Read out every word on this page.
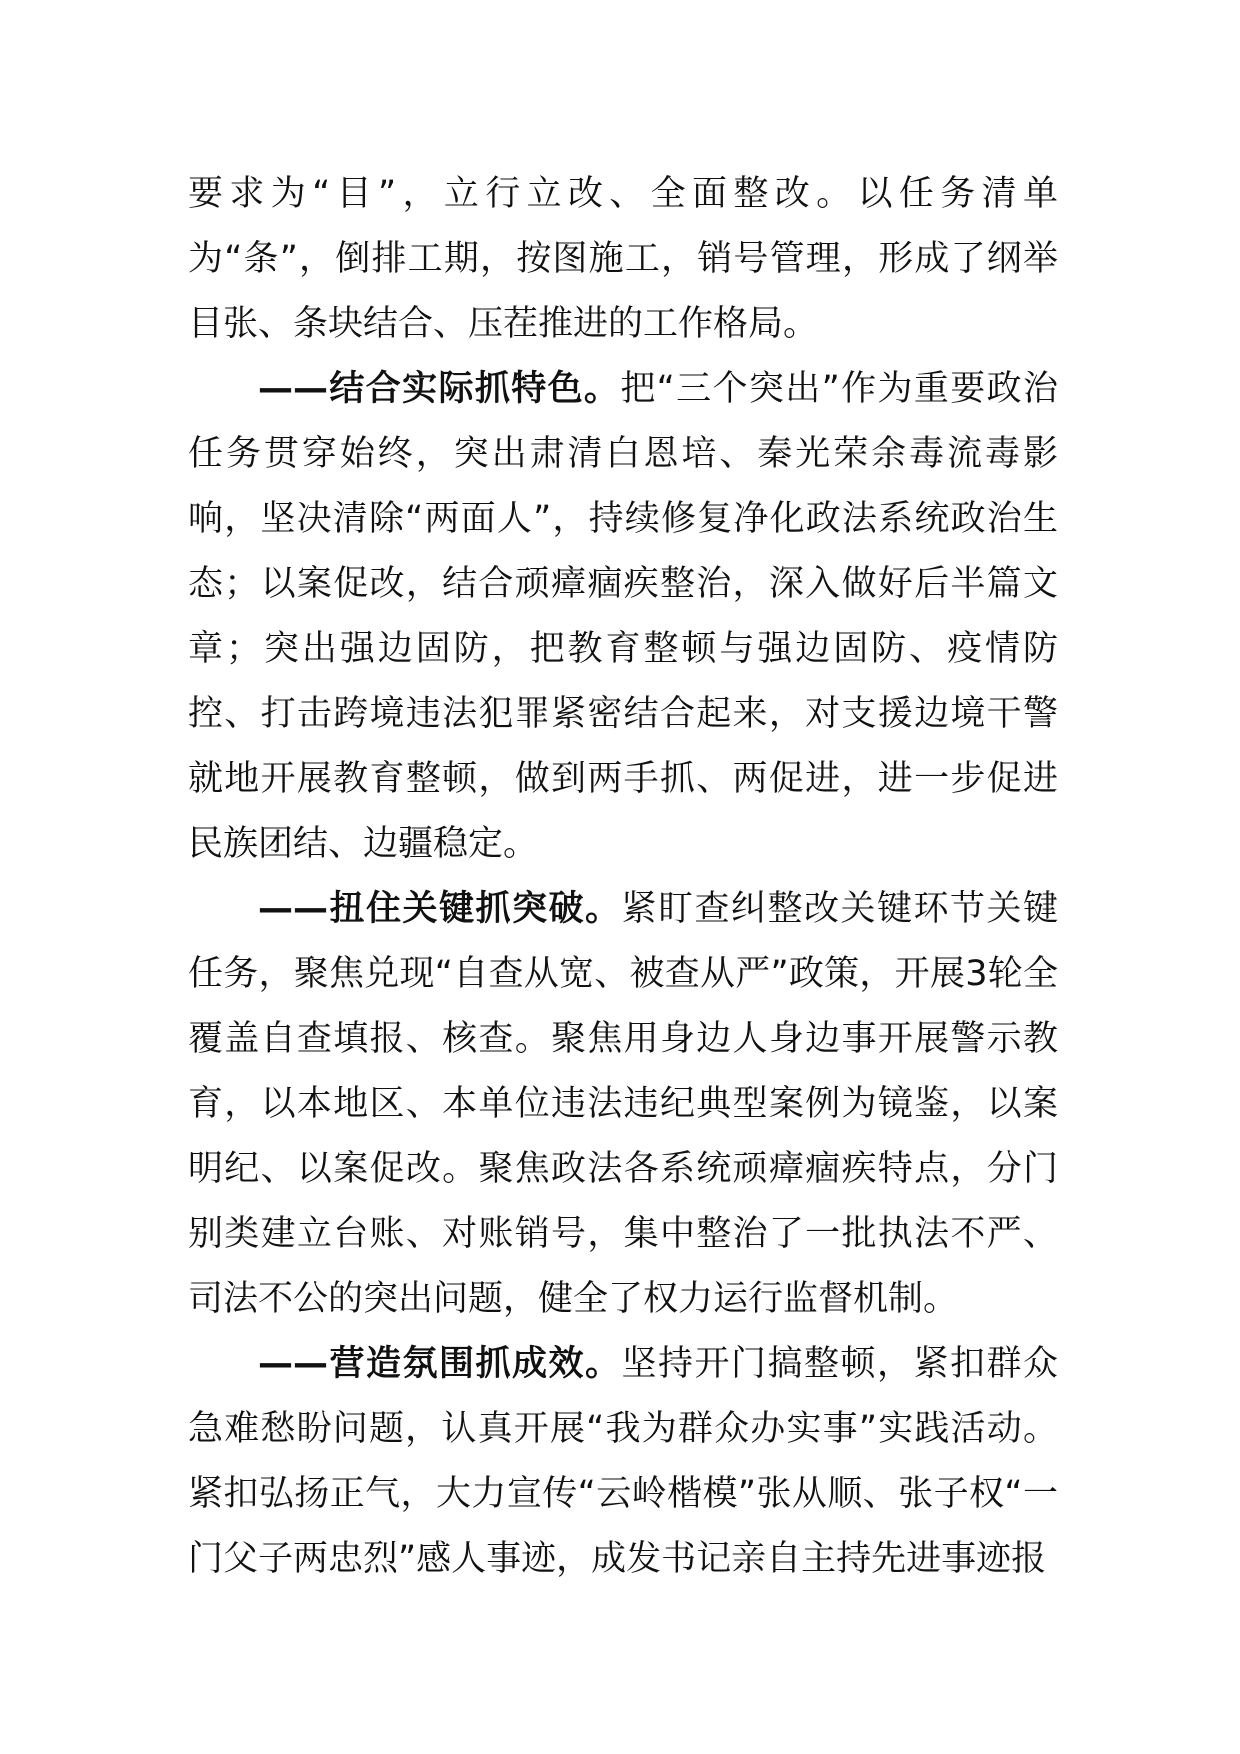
要求为“目”，立行立改、全面整改。以任务清单为“条”，倒排工期，按图施工，销号管理，形成了纲举目张、条块结合、压茬推进的工作格局。

——结合实际抓特色。把“三个突出”作为重要政治任务贯穿始终，突出肃清白恩培、秦光荣余毒流毒影响，坚决清除“两面人”，持续修复净化政法系统政治生态；以案促改，结合顽瘴痼疾整治，深入做好后半篇文章；突出强边固防，把教育整顿与强边固防、疫情防控、打击跨境违法犯罪紧密结合起来，对支援边境干警就地开展教育整顿，做到两手抓、两促进，进一步促进民族团结、边疆稳定。

——扭住关键抓突破。紧盯查纠整改关键环节关键任务，聚焦兑现“自查从宽、被查从严”政策，开展3轮全覆盖自查填报、核查。聚焦用身边人身边事开展警示教育，以本地区、本单位违法违纪典型案例为镜鉴，以案明纪、以案促改。聚焦政法各系统顽瘴痼疾特点，分门别类建立台账、对账销号，集中整治了一批执法不严、司法不公的突出问题，健全了权力运行监督机制。

——营造氛围抓成效。坚持开门搞整顿，紧扣群众急难愁盼问题，认真开展“我为群众办实事”实践活动。紧扣弘扬正气，大力宣传“云岭楷模”张从顺、张子权“一门父子两忠烈”感人事迹，成发书记亲自主持先进事迹报
